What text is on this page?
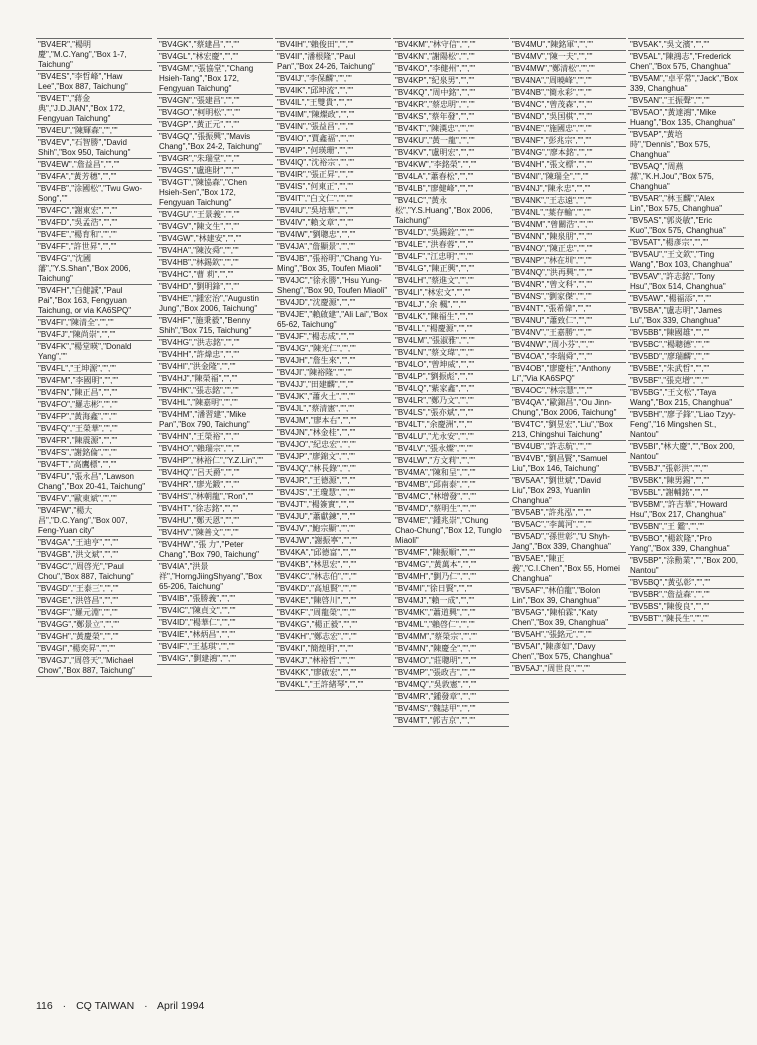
"BV4ER","楊明慶","M.C.Yang","Box 1-7, Taichung"
"BV4ES","李哲峰","Haw Lee","Box 887, Taichung"
"BV4ET","蔣金典","J.D.JIAN","Box 172, Fengyuan Taichung"
"BV4EU","陳輝森","",""
"BV4EV","石智勝","David Shih","Box 950, Taichung"
"BV4EW","詹益昌","",""
"BV4FA","黃芳穗","",""
"BV4FB","涂國松","Twu Gwo-Song",""
"BV4FC","謝東宏","",""
"BV4FD","吳孟浩","",""
"BV4FE","楊育和","",""
"BV4FF","許世昇","",""
"BV4FG","沈國藩","Y.S.Shan","Box 2006, Taichung"
"BV4FH","白健誠","Paul Pai","Box 163, Fengyuan Taichung, or via KA6SPQ"
"BV4FI","陳清全","",""
"BV4FJ","陳尚崇","",""
"BV4FK","楊堂暎","Donald Yang",""
"BV4FL","王坤源","",""
"BV4FM","李國明","",""
"BV4FN","陳正昌","",""
"BV4FO","羅志彬","",""
"BV4FP","黃海鑫","",""
"BV4FQ","王榮華","",""
"BV4FR","陳震源","",""
"BV4FS","謝銘倫","",""
"BV4FT","高鷹標","",""
"BV4FU","張永昌","Lawson Chang","Box 20-41, Taichung"
"BV4FV","歐東斌","",""
"BV4FW","楊大昌","D.C.Yang","Box 007, Feng-Yuan city"
"BV4GA","王迪亨","",""
"BV4GB","洪文斌","",""
"BV4GC","周啓光","Paul Chou","Box 887, Taichung"
"BV4GD","王泰三","",""
"BV4GE","洪啓昌","",""
"BV4GF","羅元淵","",""
"BV4GG","鄭景立","",""
"BV4GH","黃慶榮","",""
"BV4GI","楊奕昇","",""
"BV4GJ","周啓天","Michael Chow","Box 887, Taichung"
"BV4GK","蔡建昌","",""
"BV4GL","林宏慶","",""
"BV4GM","張協堂","Chang Hsieh-Tang","Box 172, Fengyuan Taichung"
"BV4GN","張建昌","",""
"BV4GO","柯明松","",""
"BV4GP","黃正元","",""
"BV4GQ","張振興","Mavis Chang","Box 24-2, Taichung"
"BV4GR","朱瑞堂","",""
"BV4GS","盧進財","",""
"BV4GT","陳協森","Chen Hsieh-Sen","Box 172, Fengyuan Taichung"
"BV4GU","王景義","",""
"BV4GV","陳文生","",""
"BV4GW","林建安","",""
"BV4HA","陳汝舜","",""
"BV4HB","林錫欽","",""
"BV4HC","曹 莉","",""
"BV4HD","劉明鋒","",""
"BV4HE","鍾宏治","Augustin Jung","Box 2006, Taichung"
"BV4HF","施秉毅","Benny Shih","Box 715, Taichung"
"BV4HG","洪志銘","",""
"BV4HH","許煒忠","",""
"BV4HI","洪金隆","",""
"BV4HJ","陳榮福","",""
"BV4HK","張志銘","",""
"BV4HL","陳嘉明","",""
"BV4HM","潘習建","Mike Pan","Box 790, Taichung"
"BV4HN","王榮裕","",""
"BV4HO","賴瑞宗","",""
"BV4HP","林裕仁","Y.Z.Lin",""
"BV4HQ","呂天爵","",""
"BV4HR","廖光鍛","",""
"BV4HS","林朝龍","Ron",""
"BV4HT","徐志銘","",""
"BV4HU","鄭天恩","",""
"BV4HV","陳善文","",""
"BV4HW","張 力","Peter Chang","Box 790, Taichung"
"BV4IA","洪景祥","HorngJiingShyang","Box 65-206, Taichung"
"BV4IB","張勝義","",""
"BV4IC","陳貞文","",""
"BV4ID","楊華仁","",""
"BV4IE","林炳昌","",""
"BV4IF","王基琪","",""
"BV4IG","劉建鴻","",""
"BV4IH","賴俊田","",""
"BV4II","潘根隆","Paul Pan","Box 24-26, Taichung"
"BV4IJ","李保麟","",""
"BV4IK","邱坤流","",""
"BV4IL","王雙貴","",""
"BV4IM","陳燦政","",""
"BV4IN","張益昌","",""
"BV4IO","賈鑫福","",""
"BV4IP","何瑛珊","",""
"BV4IQ","沈裕宗","",""
"BV4IR","張正昇","",""
"BV4IS","何東正","",""
"BV4IT","白文仁","",""
"BV4IU","吳培華","",""
"BV4IV","賴文章","",""
"BV4IW","劉聰忠","",""
"BV4JA","詹顯景","",""
"BV4JB","張裕明","Chang Yu-Ming","Box 35, Toufen Miaoli"
"BV4JC","徐永勝","Hsu Yung-Sheng","Box 90, Toufen Miaoli"
"BV4JD","沈慶源","",""
"BV4JE","賴啟建","Ali Lai","Box 65-62, Taichung"
"BV4JF","楊志成","",""
"BV4JG","陳光仁","",""
"BV4JH","詹生來","",""
"BV4JI","陳裕隆","",""
"BV4JJ","田建麟","",""
"BV4JK","蕭火土","",""
"BV4JL","蔡清憲","",""
"BV4JM","廖本右","",""
"BV4JN","林金桂","",""
"BV4JO","紀忠宏","",""
"BV4JP","廖錦文","",""
"BV4JQ","林長錄","",""
"BV4JR","王德源","",""
"BV4JS","王瓊慧","",""
"BV4JT","楊簽實","",""
"BV4JU","蕭獻鍊","",""
"BV4JV","鮑宗顯","",""
"BV4JW","謝振寧","",""
"BV4KA","邱德富","",""
"BV4KB","林思宏","",""
"BV4KC","林志伯","",""
"BV4KD","高旭賢","",""
"BV4KE","陳啓川","",""
"BV4KF","周龍榮","",""
"BV4KG","楊正毅","",""
"BV4KH","鄭志宏","",""
"BV4KI","簡煌明","",""
"BV4KJ","林裕哲","",""
"BV4KK","廖啟宏","",""
"BV4KL","王許緒琴","",""
"BV4KM","林守信","",""
"BV4KN","謝陽松","",""
"BV4KO","李健州","",""
"BV4KP","紀泉男","",""
"BV4KQ","周中銘","",""
"BV4KR","蔡忠明","",""
"BV4KS","蔡年發","",""
"BV4KT","陳漢忠","",""
"BV4KU","黃一龍","",""
"BV4KV","盧明宏","",""
"BV4KW","李銘榮","",""
"BV4LA","蕭春松","",""
"BV4LB","廖健峰","",""
"BV4LC","黃永松","Y.S.Huang","Box 2006, Taichung"
"BV4LD","吳錫銓","",""
"BV4LE","洪春蓉","",""
"BV4LF","江忠明","",""
"BV4LG","陳正興","",""
"BV4LH","蔡進文","",""
"BV4LI","林宏文","",""
"BV4LJ","余 楓","",""
"BV4LK","陳福生","",""
"BV4LL","楊慶源","",""
"BV4LM","張淑雅","",""
"BV4LN","蔡文瑋","",""
"BV4LO","曾坤威","",""
"BV4LP","劉振彪","",""
"BV4LQ","紫家鑫","",""
"BV4LR","鄭乃文","",""
"BV4LS","張亦斌","",""
"BV4LT","余慶洲","",""
"BV4LU","尤永安","",""
"BV4LV","張永燦","",""
"BV4LW","方文莉","",""
"BV4MA","陳和呈","",""
"BV4MB","邱南泰","",""
"BV4MC","林增發","",""
"BV4MD","蔡明生","",""
"BV4ME","鍾兆崇","Chung Chao-Chung","Box 12, Tunglo Miaoli"
"BV4MF","陳振順","",""
"BV4MG","黃萬本","",""
"BV4MH","劉乃仁","",""
"BV4MI","徐日賢","",""
"BV4MJ","賴一成","",""
"BV4MK","蕭道興","",""
"BV4ML","賴啓仁","",""
"BV4MM","蔡榮宗","",""
"BV4MN","陳慶全","",""
"BV4MO","莊聰明","",""
"BV4MP","張政吉","",""
"BV4MQ","吳敦憲","",""
"BV4MR","鍾發章","",""
"BV4MS","魏誌甲","",""
"BV4MT","郭吉京","",""
"BV4MU","陳銘軍","",""
"BV4MV","陳一夫","",""
"BV4MW","鄭清松","",""
"BV4NA","周曉峰","",""
"BV4NB","簡永彩","",""
"BV4NC","曾茂森","",""
"BV4ND","吳国棋","",""
"BV4NE","施國忠","",""
"BV4NF","彭兆宗","",""
"BV4NG","廖本銘","",""
"BV4NH","張文標","",""
"BV4NI","陳瑞全","",""
"BV4NJ","陳永忠","",""
"BV4NK","王志遠","",""
"BV4NL","葉存輸","",""
"BV4NM","曾關浩","",""
"BV4NN","陳泉朋","",""
"BV4NO","陳正忠","",""
"BV4NP","林在圳","",""
"BV4NQ","洪再興","",""
"BV4NR","曾文科","",""
"BV4NS","劉家傑","",""
"BV4NT","張希偉","",""
"BV4NU","蕭致仁","",""
"BV4NV","王嘉勝","",""
"BV4NW","周小芬","",""
"BV4OA","李瑞舜","",""
"BV4OB","廖慶柱","Anthony Li","Via KA6SPQ"
"BV4OC","林宗慧","",""
"BV4QA","歐錦昌","Ou Jinn-Chung","Box 2006, Taichung"
"BV4TC","劉昱宏","Liu","Box 213, Chingshui Taichung"
"BV4UB","許志航","",""
"BV4VB","劉昌賢","Samuel Liu","Box 146, Taichung"
"BV5AA","劉世斌","David Liu","Box 293, Yuanlin Changhua"
"BV5AB","許兆泓","",""
"BV5AC","李萬河","",""
"BV5AD","孫世彰","U Shyh-Jang","Box 339, Changhua"
"BV5AE","陳正義","C.I.Chen","Box 55, Homei Changhua"
"BV5AF","林伯龍","Bolon Lin","Box 39, Changhua"
"BV5AG","陳柏霖","Katy Chen","Box 39, Changhua"
"BV5AH","張銘元","",""
"BV5AI","陳彥如","Davy Chen","Box 575, Changhua"
"BV5AJ","周世良","",""
"BV5AK","吳文濱","",""
"BV5AL","陳鴻志","Frederick Chen","Box 575, Changhua"
"BV5AM","卓平常","Jack","Box 339, Changhua"
"BV5AN","王振聲","",""
"BV5AO","黃達鴻","Mike Huang","Box 135, Changhua"
"BV5AP","黃培時","Dennis","Box 575, Changhua"
"BV5AQ","周燕蓀","K.H.Jou","Box 575, Changhua"
"BV5AR","林玉麟","Alex Lin","Box 575, Changhua"
"BV5AS","郭炎敏","Eric Kuo","Box 575, Changhua"
"BV5AT","楊彥宗","",""
"BV5AU","王文欽","Ting Wang","Box 103, Changhua"
"BV5AV","許志銘","Tony Hsu","Box 514, Changhua"
"BV5AW","楊福添","",""
"BV5BA","盧志明","James Lu","Box 339, Changhua"
"BV5BB","陳國雄","",""
"BV5BC","楊聰德","",""
"BV5BD","廖瑞麟","",""
"BV5BE","朱武哲","",""
"BV5BF","張克增","",""
"BV5BG","王文松","Taya Wang","Box 215, Changhua"
"BV5BH","廖子鋒","Liao Tzyy-Feng","16 Mingshen St., Nantou"
"BV5BI","林大慶","","Box 200, Nantou"
"BV5BJ","張彰洪","",""
"BV5BK","陳男錫","",""
"BV5BL","謝輔銘","",""
"BV5BM","許吉華","Howard Hsu","Box 217, Changhua"
"BV5BN","王 鑑","",""
"BV5BO","楊欽隆","Pro Yang","Box 339, Changhua"
"BV5BP","涂勳業","","Box 200, Nantou"
"BV5BQ","黃弘彰","",""
"BV5BR","詹益森","",""
"BV5BS","陳俊良","",""
"BV5BT","陳長生","",""
116 · CQ TAIWAN · April 1994
